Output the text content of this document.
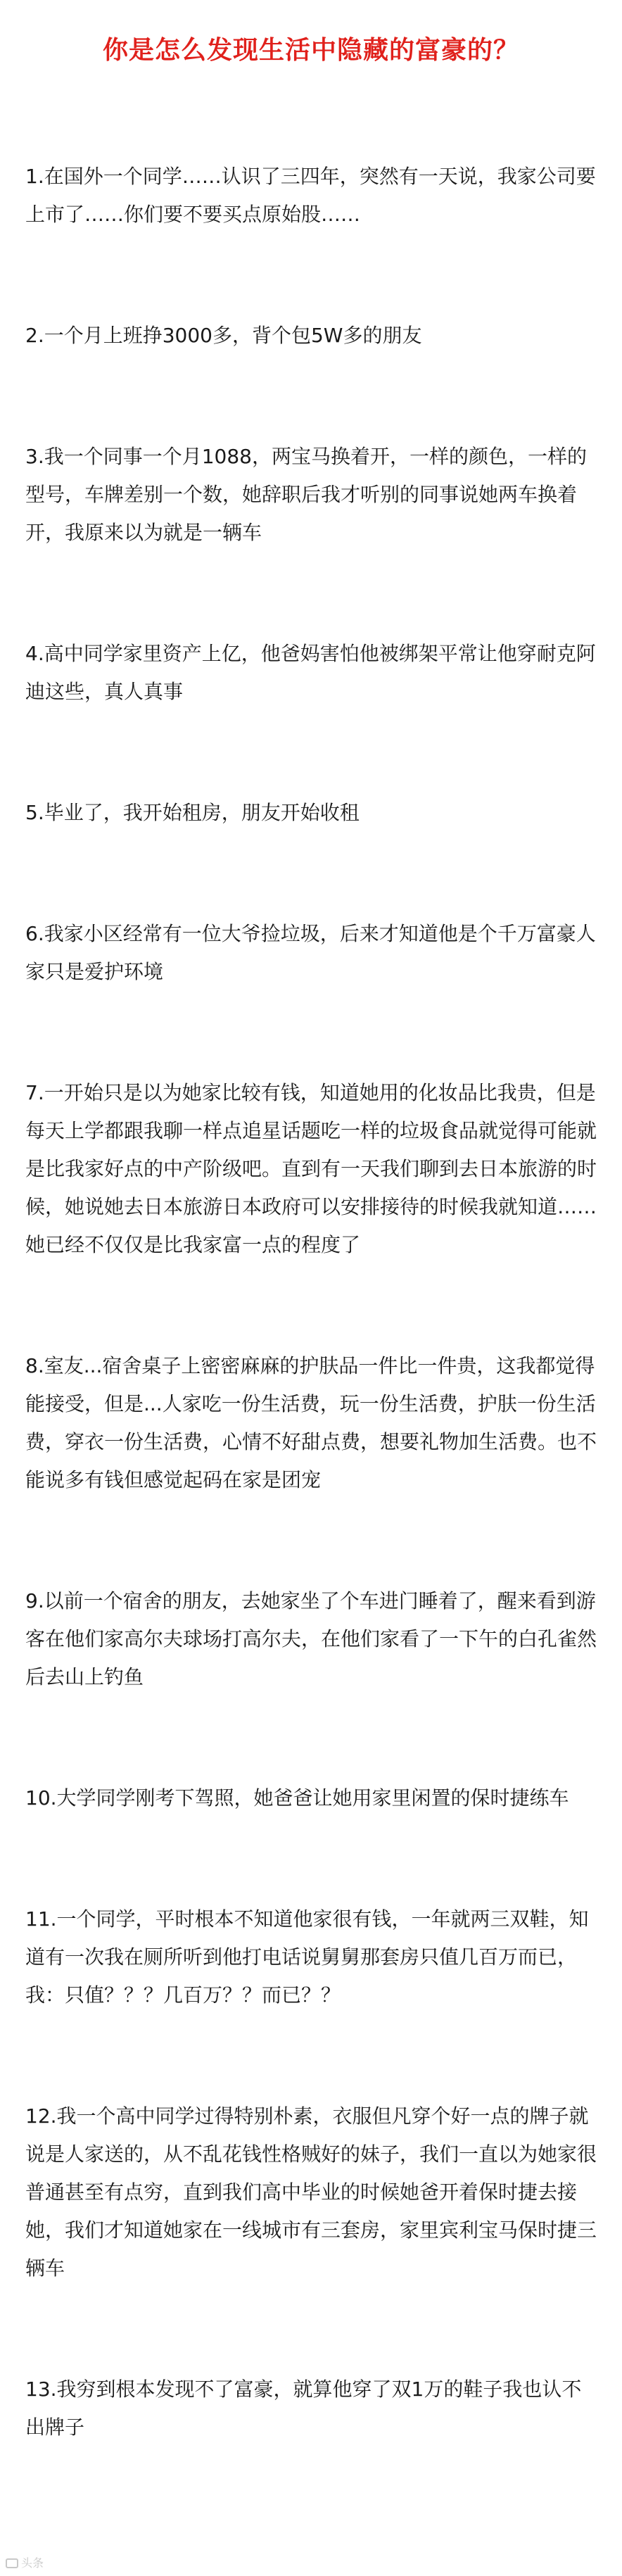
你是怎么发现生活中隐藏的富豪的？

1.在国外一个同学……认识了三四年，突然有一天说，我家公司要上市了……你们要不要买点原始股……

2.一个月上班挣3000多，背个包5W多的朋友

3.我一个同事一个月1088，两宝马换着开，一样的颜色，一样的型号，车牌差别一个数，她辞职后我才听别的同事说她两车换着开，我原来以为就是一辆车

4.高中同学家里资产上亿，他爸妈害怕他被绑架平常让他穿耐克阿迪这些，真人真事

5.毕业了，我开始租房，朋友开始收租

6.我家小区经常有一位大爷捡垃圾，后来才知道他是个千万富豪人家只是爱护环境

7.一开始只是以为她家比较有钱，知道她用的化妆品比我贵，但是每天上学都跟我聊一样点追星话题吃一样的垃圾食品就觉得可能就是比我家好点的中产阶级吧。直到有一天我们聊到去日本旅游的时候，她说她去日本旅游日本政府可以安排接待的时候我就知道……她已经不仅仅是比我家富一点的程度了

8.室友...宿舍桌子上密密麻麻的护肤品一件比一件贵，这我都觉得能接受，但是...人家吃一份生活费，玩一份生活费，护肤一份生活费，穿衣一份生活费，心情不好甜点费，想要礼物加生活费。也不能说多有钱但感觉起码在家是团宠

9.以前一个宿舍的朋友，去她家坐了个车进门睡着了，醒来看到游客在他们家高尔夫球场打高尔夫，在他们家看了一下午的白孔雀然后去山上钓鱼

10.大学同学刚考下驾照，她爸爸让她用家里闲置的保时捷练车

11.一个同学，平时根本不知道他家很有钱，一年就两三双鞋，知道有一次我在厕所听到他打电话说舅舅那套房只值几百万而已，我：只值？？？几百万？？而已？？

12.我一个高中同学过得特别朴素，衣服但凡穿个好一点的牌子就说是人家送的，从不乱花钱性格贼好的妹子，我们一直以为她家很普通甚至有点穷，直到我们高中毕业的时候她爸开着保时捷去接她，我们才知道她家在一线城市有三套房，家里宾利宝马保时捷三辆车

13.我穷到根本发现不了富豪，就算他穿了双1万的鞋子我也认不出牌子

头条
